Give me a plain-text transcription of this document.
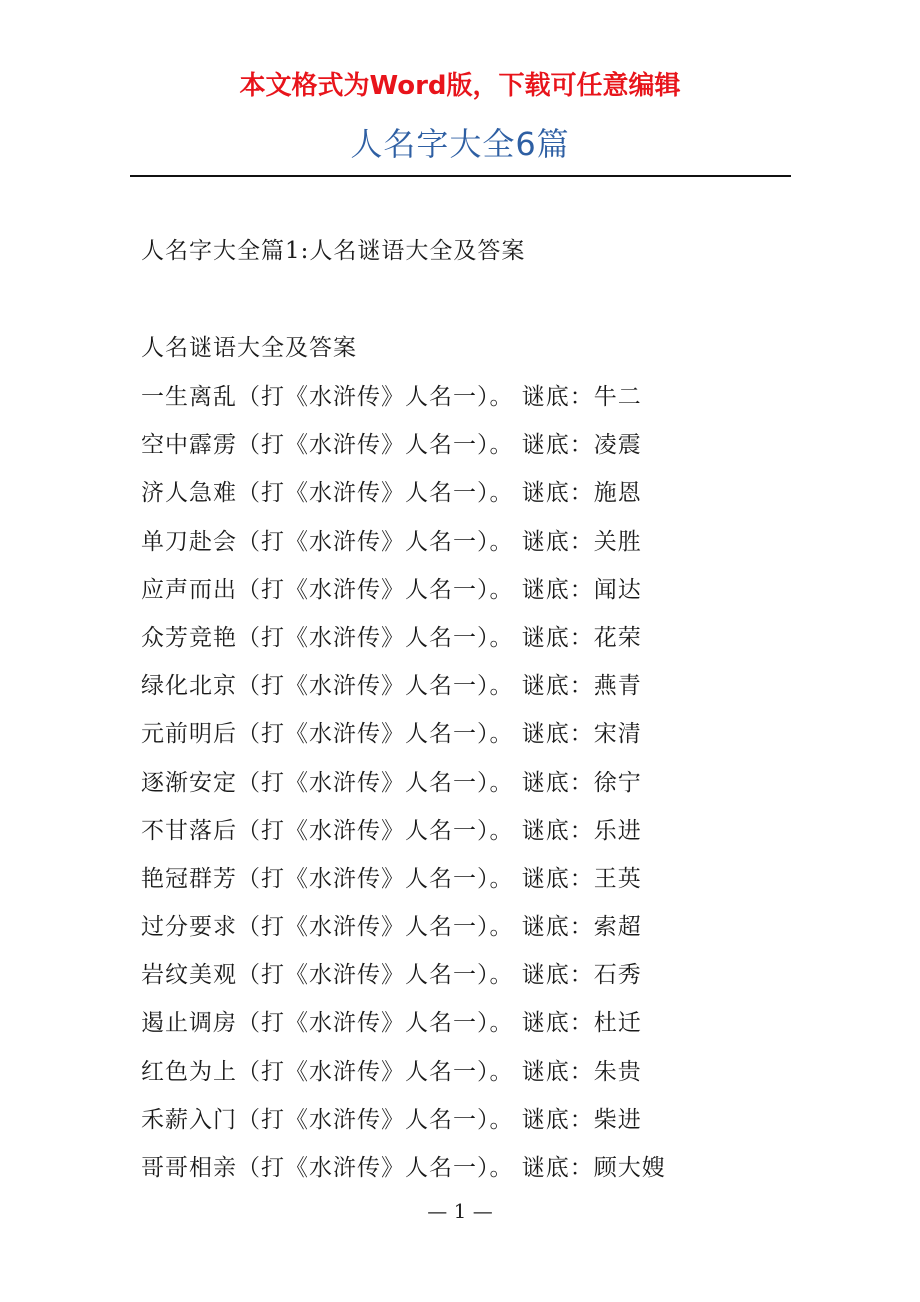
本文格式为Word版，下载可任意编辑
人名字大全6篇
人名字大全篇1:人名谜语大全及答案
人名谜语大全及答案
一生离乱（打《水浒传》人名一）。 谜底：牛二
空中霹雳（打《水浒传》人名一）。 谜底：凌震
济人急难（打《水浒传》人名一）。 谜底：施恩
单刀赴会（打《水浒传》人名一）。 谜底：关胜
应声而出（打《水浒传》人名一）。 谜底：闻达
众芳竞艳（打《水浒传》人名一）。 谜底：花荣
绿化北京（打《水浒传》人名一）。 谜底：燕青
元前明后（打《水浒传》人名一）。 谜底：宋清
逐渐安定（打《水浒传》人名一）。 谜底：徐宁
不甘落后（打《水浒传》人名一）。 谜底：乐进
艳冠群芳（打《水浒传》人名一）。 谜底：王英
过分要求（打《水浒传》人名一）。 谜底：索超
岩纹美观（打《水浒传》人名一）。 谜底：石秀
遏止调房（打《水浒传》人名一）。 谜底：杜迁
红色为上（打《水浒传》人名一）。 谜底：朱贵
禾薪入门（打《水浒传》人名一）。 谜底：柴进
哥哥相亲（打《水浒传》人名一）。 谜底：顾大嫂
— 1 —
